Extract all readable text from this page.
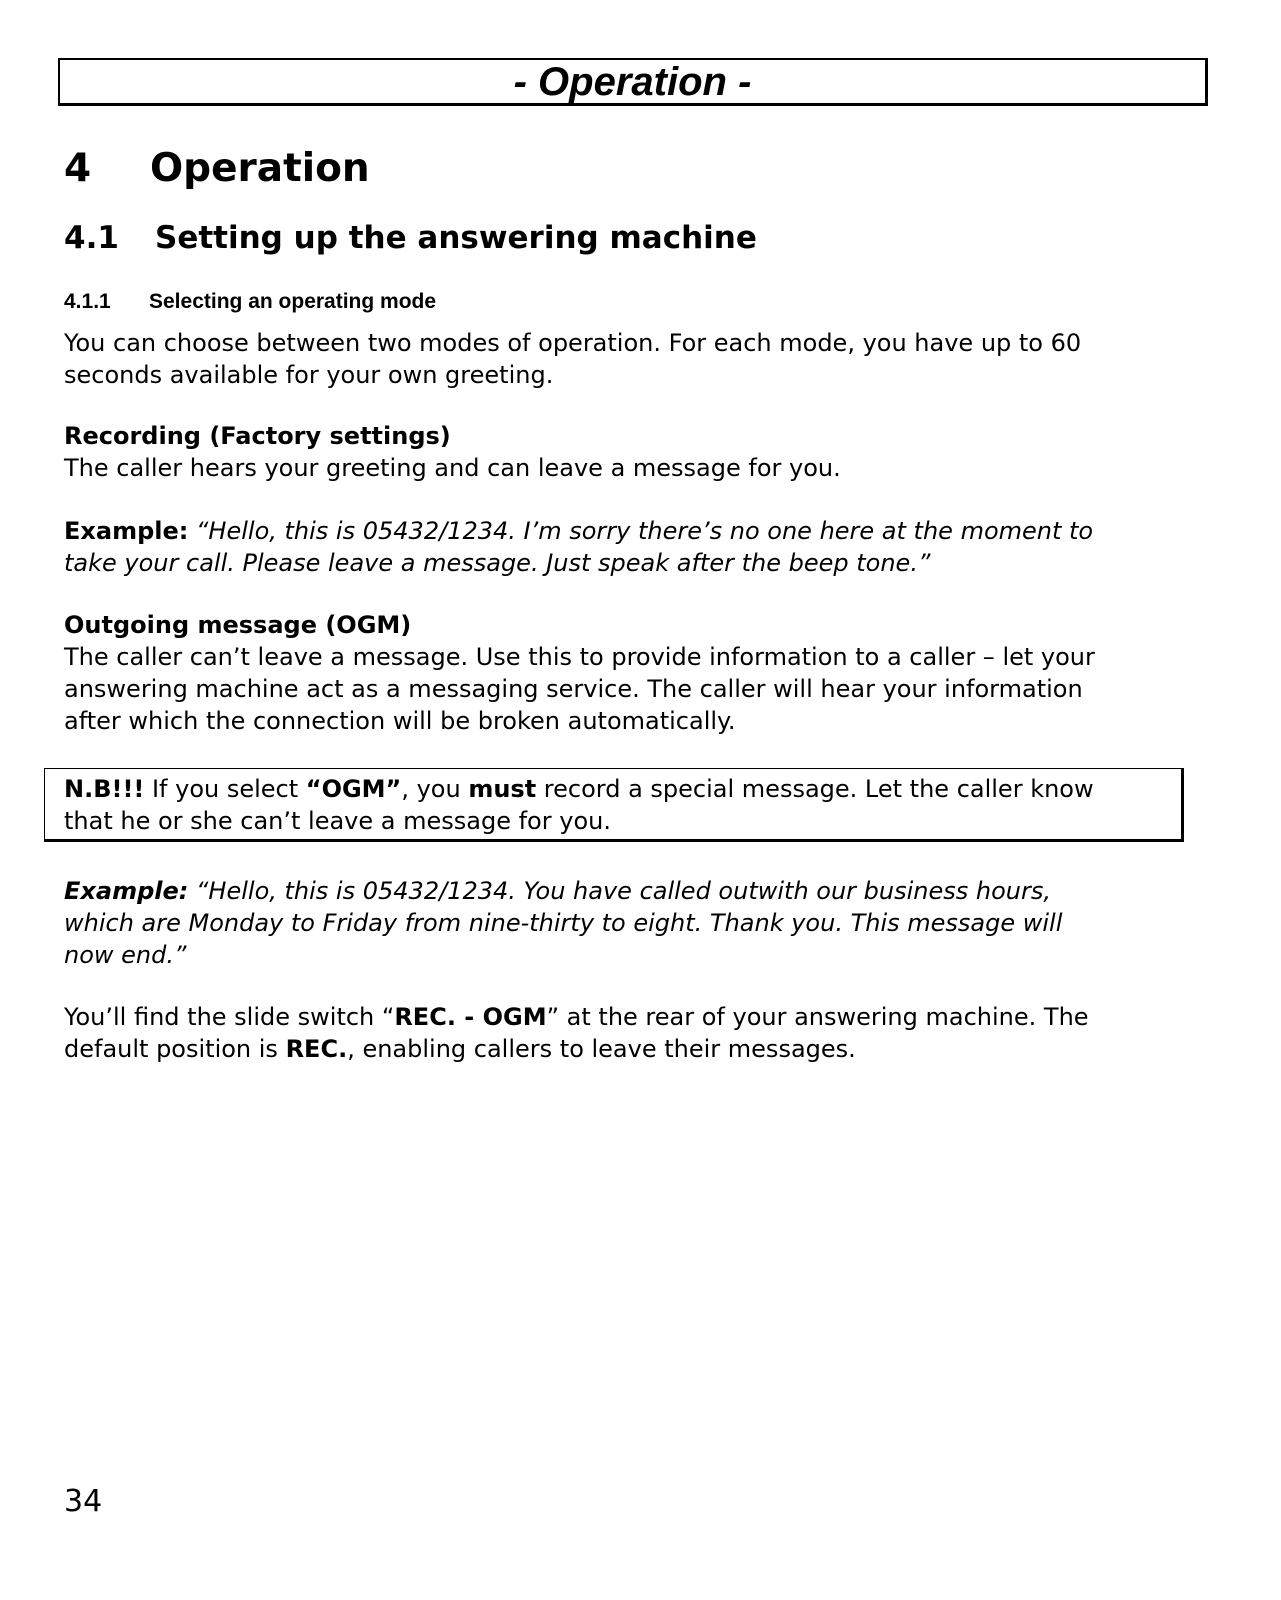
- Operation -
4 Operation
4.1 Setting up the answering machine
4.1.1 Selecting an operating mode

You can choose between two modes of operation. For each mode, you have up to 60

seconds available for your own greeting.

Recording (Factory settings)

The caller hears your greeting and can leave a message for you.

Example: “Hello, this is 05432/1234. I’m sorry there’s no one here at the moment to

take your call. Please leave a message. Just speak after the beep tone.”

Outgoing message (OGM)

The caller can’t leave a message. Use this to provide information to a caller – let your

answering machine act as a messaging service. The caller will hear your information

after which the connection will be broken automatically.

N.B!!! If you select “OGM”, you must record a special message. Let the caller know

that he or she can’t leave a message for you.

Example: “Hello, this is 05432/1234. You have called outwith our business hours,

which are Monday to Friday from nine-thirty to eight. Thank you. This message will

now end.”

You’ll find the slide switch “REC. - OGM” at the rear of your answering machine. The

default position is REC., enabling callers to leave their messages.

34
